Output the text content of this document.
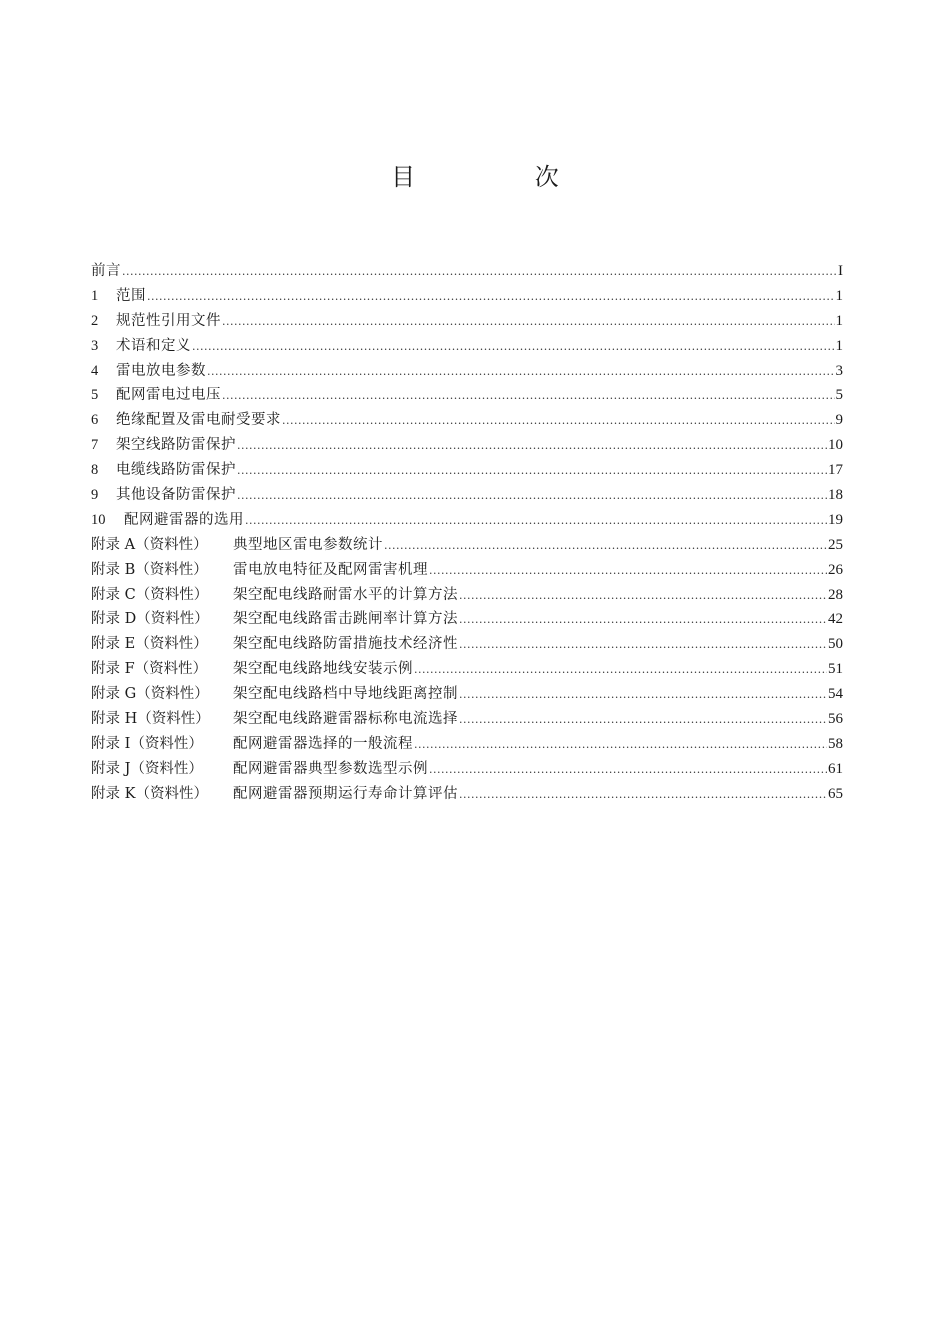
目 次
前言 .....	I
1	范围 .....	1
2	规范性引用文件 .....	1
3	术语和定义 .....	1
4	雷电放电参数 .....	3
5	配网雷电过电压 .....	5
6	绝缘配置及雷电耐受要求 .....	9
7	架空线路防雷保护 .....	10
8	电缆线路防雷保护 .....	17
9	其他设备防雷保护 .....	18
10	配网避雷器的选用 .....	19
附录 A（资料性）	典型地区雷电参数统计 .....	25
附录 B（资料性）	雷电放电特征及配网雷害机理 .....	26
附录 C（资料性）	架空配电线路耐雷水平的计算方法 .....	28
附录 D（资料性）	架空配电线路雷击跳闸率计算方法 .....	42
附录 E（资料性）	架空配电线路防雷措施技术经济性 .....	50
附录 F（资料性）	架空配电线路地线安装示例 .....	51
附录 G（资料性）	架空配电线路档中导地线距离控制 .....	54
附录 H（资料性）	架空配电线路避雷器标称电流选择 .....	56
附录 I（资料性）	配网避雷器选择的一般流程 .....	58
附录 J（资料性）	配网避雷器典型参数选型示例 .....	61
附录 K（资料性）	配网避雷器预期运行寿命计算评估 .....	65
